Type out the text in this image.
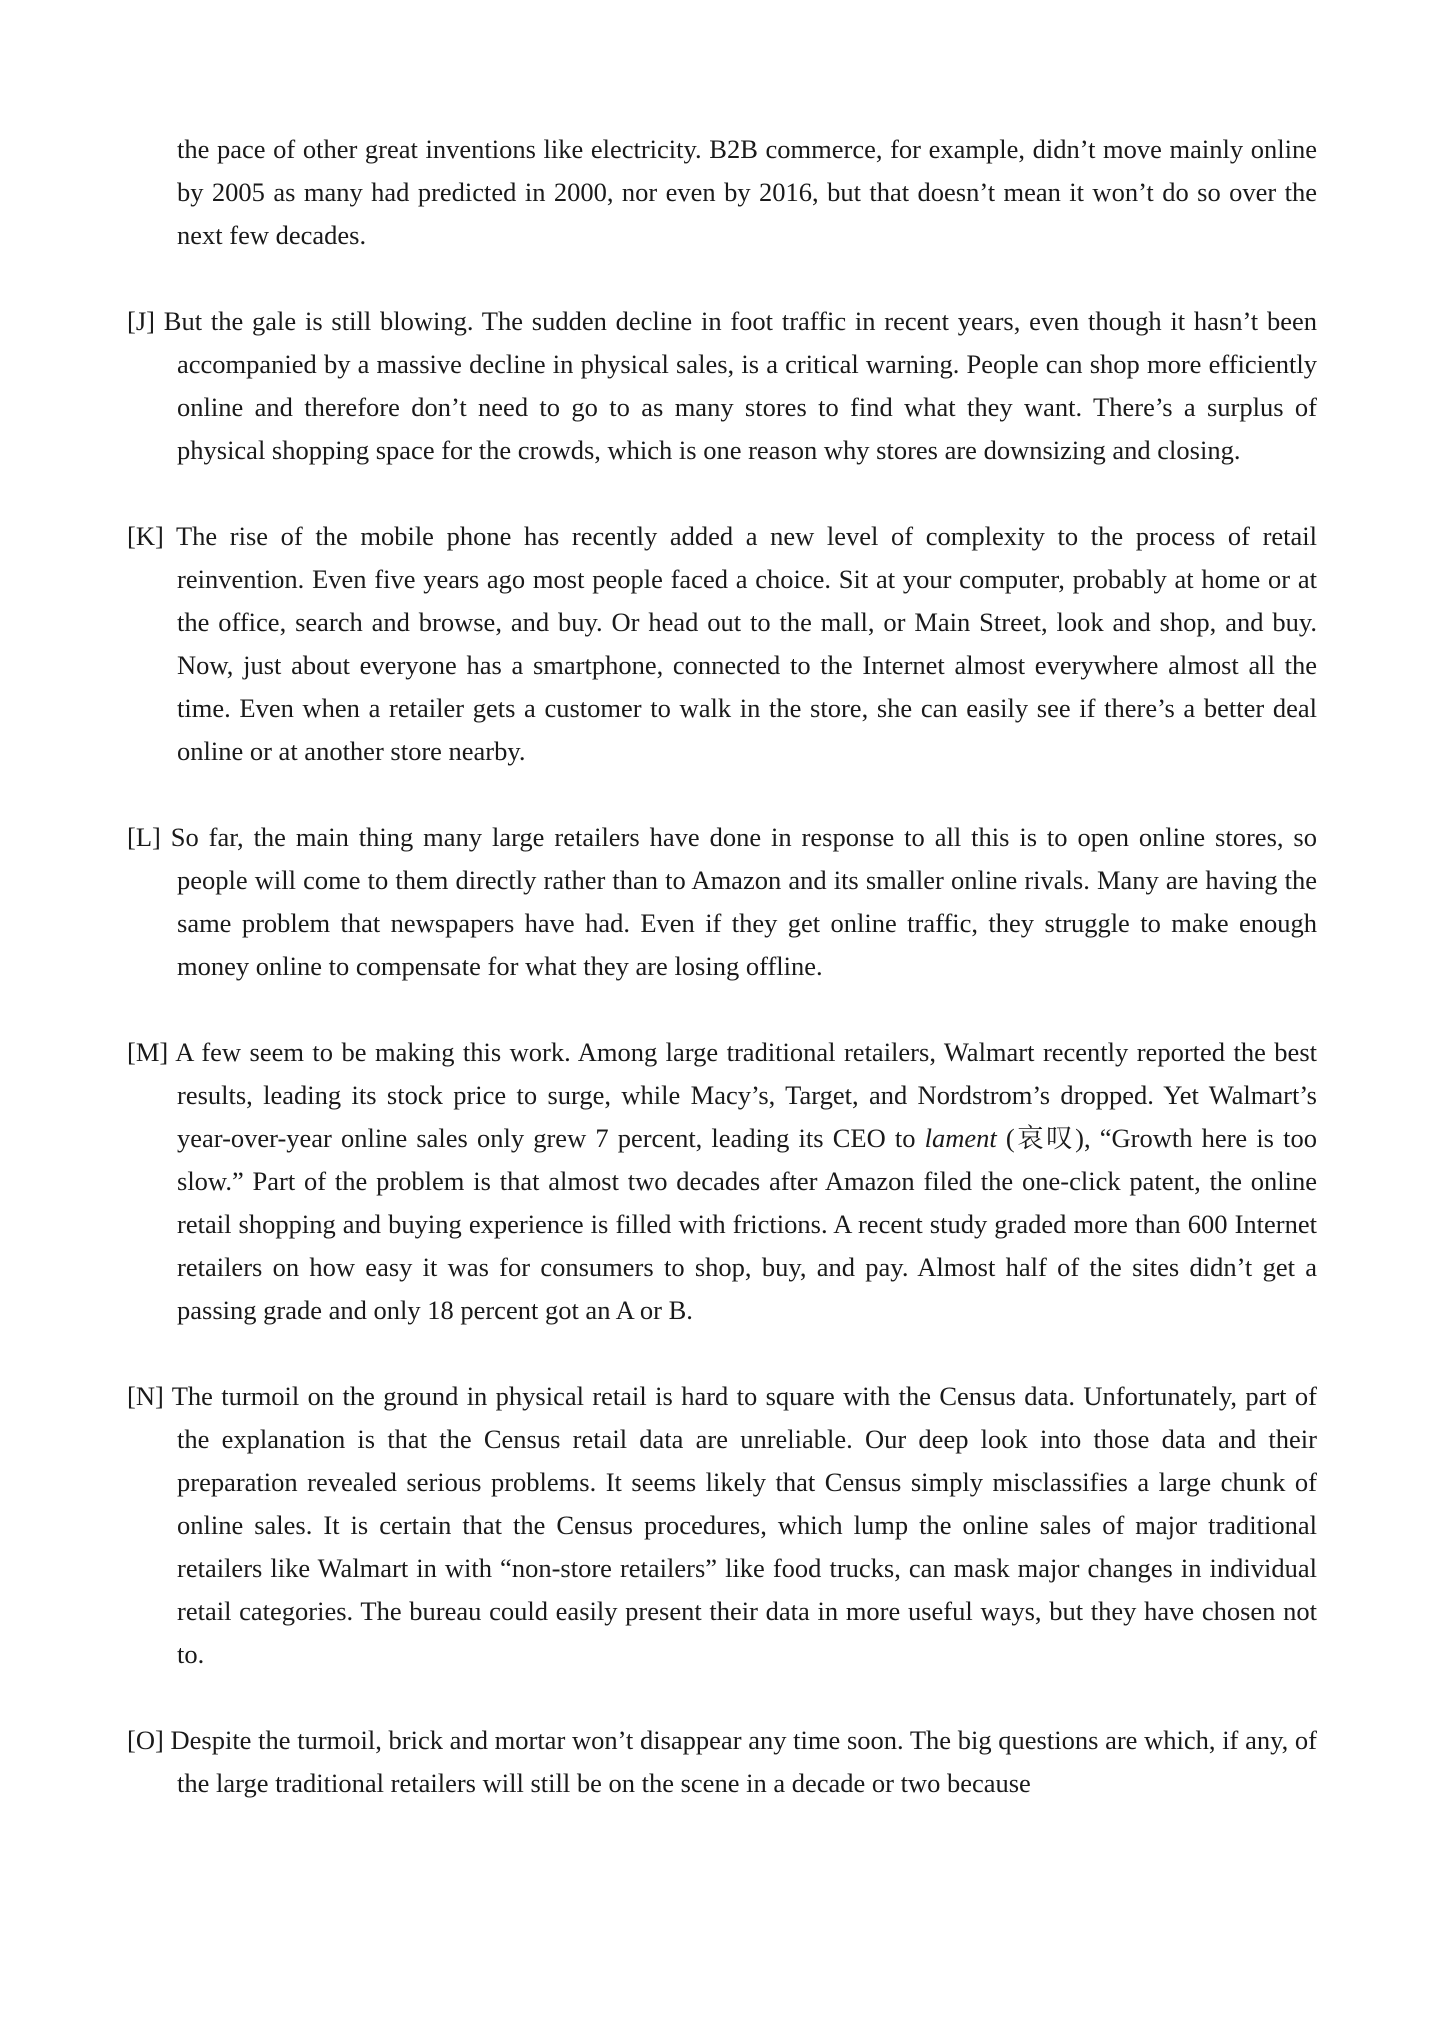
the pace of other great inventions like electricity. B2B commerce, for example, didn’t move mainly online by 2005 as many had predicted in 2000, nor even by 2016, but that doesn’t mean it won’t do so over the next few decades.

[J] But the gale is still blowing. The sudden decline in foot traffic in recent years, even though it hasn’t been accompanied by a massive decline in physical sales, is a critical warning. People can shop more efficiently online and therefore don’t need to go to as many stores to find what they want. There’s a surplus of physical shopping space for the crowds, which is one reason why stores are downsizing and closing.

[K] The rise of the mobile phone has recently added a new level of complexity to the process of retail reinvention. Even five years ago most people faced a choice. Sit at your computer, probably at home or at the office, search and browse, and buy. Or head out to the mall, or Main Street, look and shop, and buy. Now, just about everyone has a smartphone, connected to the Internet almost everywhere almost all the time. Even when a retailer gets a customer to walk in the store, she can easily see if there’s a better deal online or at another store nearby.

[L] So far, the main thing many large retailers have done in response to all this is to open online stores, so people will come to them directly rather than to Amazon and its smaller online rivals. Many are having the same problem that newspapers have had. Even if they get online traffic, they struggle to make enough money online to compensate for what they are losing offline.

[M] A few seem to be making this work. Among large traditional retailers, Walmart recently reported the best results, leading its stock price to surge, while Macy’s, Target, and Nordstrom’s dropped. Yet Walmart’s year-over-year online sales only grew 7 percent, leading its CEO to lament (哀叹), “Growth here is too slow.” Part of the problem is that almost two decades after Amazon filed the one-click patent, the online retail shopping and buying experience is filled with frictions. A recent study graded more than 600 Internet retailers on how easy it was for consumers to shop, buy, and pay. Almost half of the sites didn’t get a passing grade and only 18 percent got an A or B.

[N] The turmoil on the ground in physical retail is hard to square with the Census data. Unfortunately, part of the explanation is that the Census retail data are unreliable. Our deep look into those data and their preparation revealed serious problems. It seems likely that Census simply misclassifies a large chunk of online sales. It is certain that the Census procedures, which lump the online sales of major traditional retailers like Walmart in with “non-store retailers” like food trucks, can mask major changes in individual retail categories. The bureau could easily present their data in more useful ways, but they have chosen not to.

[O] Despite the turmoil, brick and mortar won’t disappear any time soon. The big questions are which, if any, of the large traditional retailers will still be on the scene in a decade or two because
